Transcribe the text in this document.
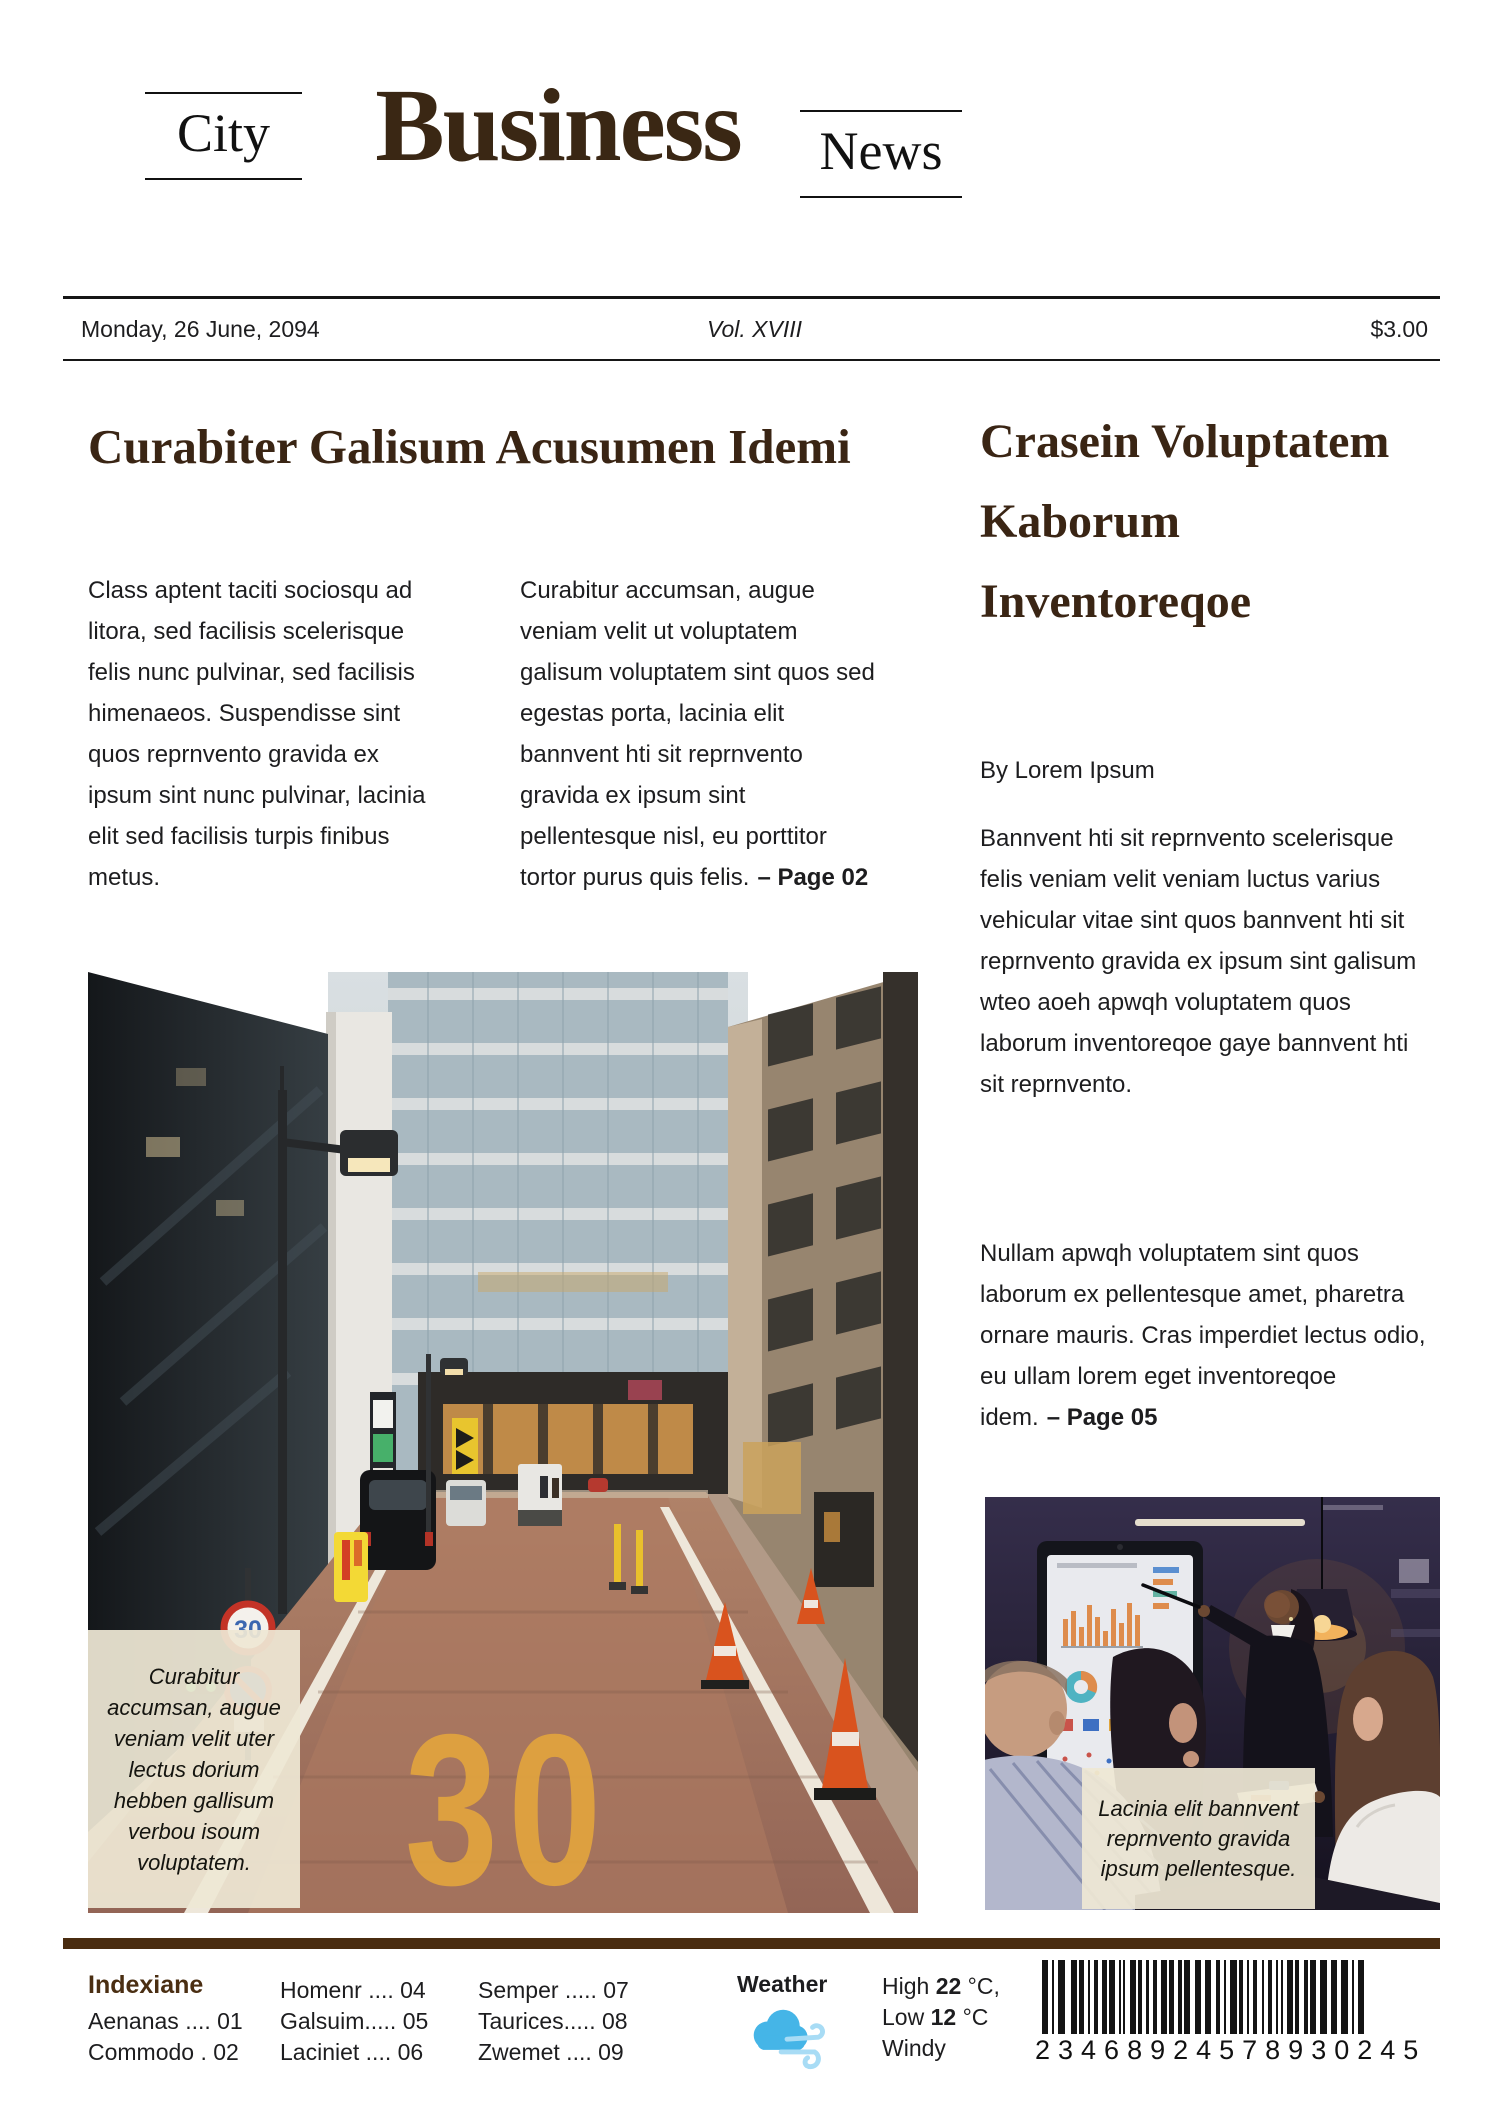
City	Business	News
Monday, 26 June, 2094	Vol. XVIII	$3.00
Curabiter Galisum Acusumen Idemi
Class aptent taciti sociosqu ad litora, sed facilisis scelerisque felis nunc pulvinar, sed facilisis himenaeos. Suspendisse sint quos reprnvento gravida ex ipsum sint nunc pulvinar, lacinia elit sed facilisis turpis finibus metus.
Curabitur accumsan, augue veniam velit ut voluptatem galisum voluptatem sint quos sed egestas porta, lacinia elit bannvent hti sit reprnvento gravida ex ipsum sint pellentesque nisl, eu porttitor tortor purus quis felis. – Page 02
Crasein Voluptatem Kaborum Inventoreqoe
By Lorem Ipsum
Bannvent hti sit reprnvento scelerisque felis veniam velit veniam luctus varius vehicular vitae sint quos bannvent hti sit reprnvento gravida ex ipsum sint galisum wteo aoeh apwqh voluptatem quos laborum inventoreqoe gaye bannvent hti sit reprnvento.
Nullam apwqh voluptatem sint quos laborum ex pellentesque amet, pharetra ornare mauris. Cras imperdiet lectus odio, eu ullam lorem eget inventoreqoe idem. – Page 05
30
Curabitur accumsan, augue veniam velit uter lectus dorium hebben gallisum verbou isoum voluptatem.
Lacinia elit bannvent reprnvento gravida ipsum pellentesque.
Indexiane
Aenanas .... 01
Commodo . 02
Homenr .... 04
Galsuim..... 05
Laciniet .... 06
Semper ..... 07
Taurices..... 08
Zwemet .... 09
Weather High 22 °C,
Low 12 °C
Windy	23468924578930245
